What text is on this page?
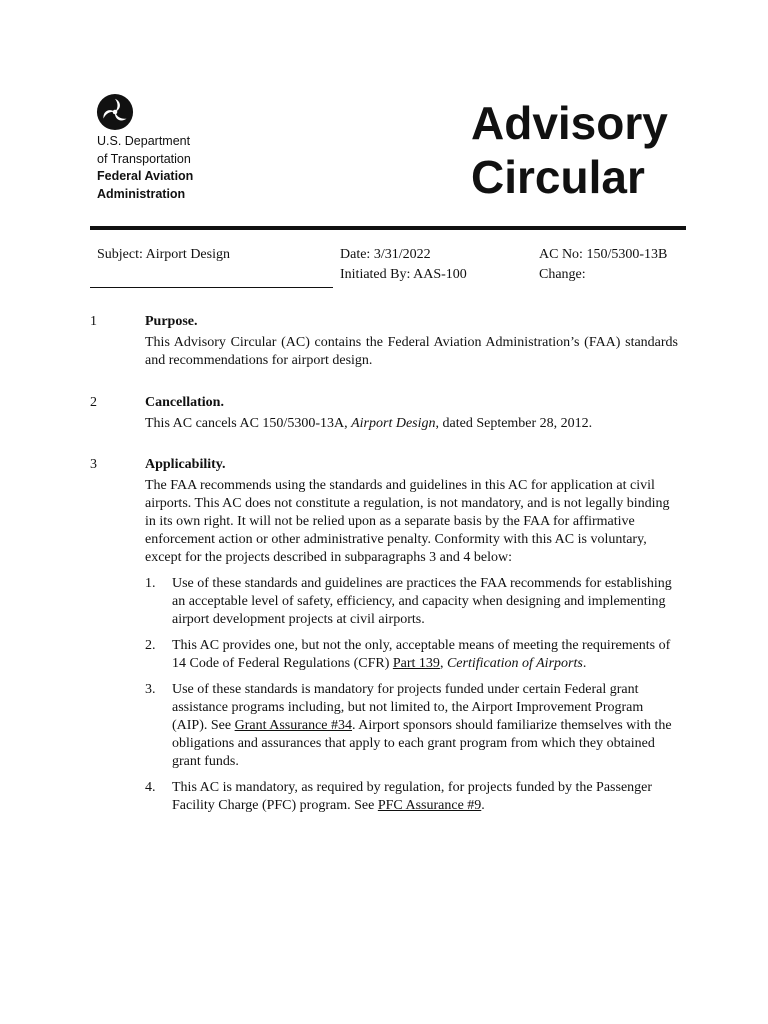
U.S. Department
of Transportation
Federal Aviation
Administration
Advisory
Circular
Subject: Airport Design	Date: 3/31/2022
Initiated By: AAS-100
AC No: 150/5300-13B
Change:
1	Purpose.

This Advisory Circular (AC) contains the Federal Aviation Administration’s (FAA) standards and recommendations for airport design.

2	Cancellation.

This AC cancels AC 150/5300-13A, Airport Design, dated September 28, 2012.

3	Applicability.

The FAA recommends using the standards and guidelines in this AC for application at civil airports. This AC does not constitute a regulation, is not mandatory, and is not legally binding in its own right. It will not be relied upon as a separate basis by the FAA for affirmative enforcement action or other administrative penalty. Conformity with this AC is voluntary, except for the projects described in subparagraphs 3 and 4 below:

1. Use of these standards and guidelines are practices the FAA recommends for establishing an acceptable level of safety, efficiency, and capacity when designing and implementing airport development projects at civil airports.
2. This AC provides one, but not the only, acceptable means of meeting the requirements of 14 Code of Federal Regulations (CFR) Part 139, Certification of Airports.
3. Use of these standards is mandatory for projects funded under certain Federal grant assistance programs including, but not limited to, the Airport Improvement Program (AIP). See Grant Assurance #34. Airport sponsors should familiarize themselves with the obligations and assurances that apply to each grant program from which they obtained grant funds.
4. This AC is mandatory, as required by regulation, for projects funded by the Passenger Facility Charge (PFC) program. See PFC Assurance #9.
